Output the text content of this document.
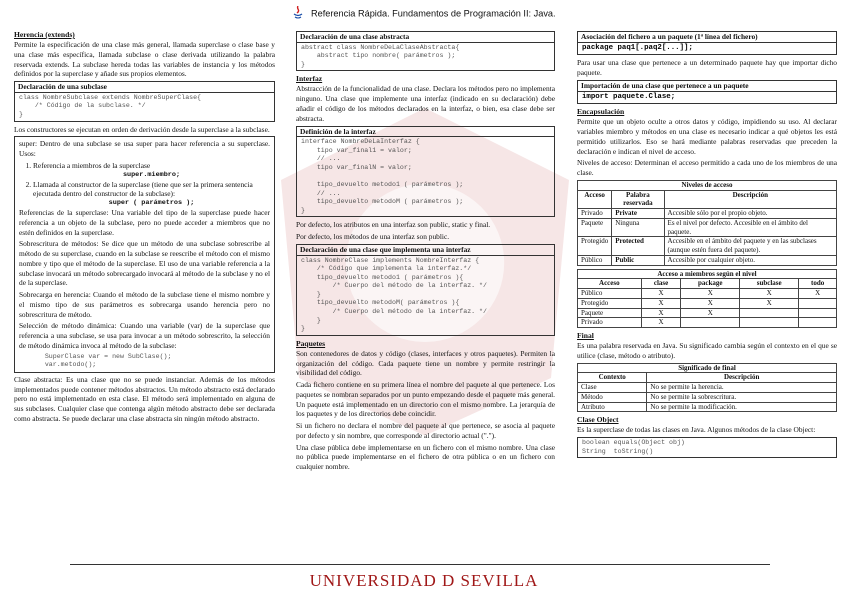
Referencia Rápida. Fundamentos de Programación II: Java.
Herencia (extends)

Permite la especificación de una clase más general, llamada superclase o clase base y una clase más específica, llamada subclase o clase derivada utilizando la palabra reservada extends. La subclase hereda todas las variables de instancia y los métodos definidos por la superclase y añade sus propios elementos.

Declaración de una subclase
class NombreSubclase extends NombreSuperClase{
/* Código de la subclase. */
}

Los constructores se ejecutan en orden de derivación desde la superclase a la subclase.

super: Dentro de una subclase se usa super para hacer referencia a su superclase. Usos:

1. Referencia a miembros de la superclase
super.miembro;
2. Llamada al constructor de la superclase (tiene que ser la primera sentencia ejecutada dentro del constructor de la subclase):
super ( parámetros );

Referencias de la superclase: Una variable del tipo de la superclase puede hacer referencia a un objeto de la subclase, pero no puede acceder a miembros que no estén definidos en la superclase.

Sobrescritura de métodos: Se dice que un método de una subclase sobrescribe al método de su superclase, cuando en la subclase se reescribe el método con el mismo nombre y tipo que el método de la superclase. El uso de una variable referencia a la subclase invocará un método sobrecargado invocará al método de la subclase y no el de la superclase.

Sobrecarga en herencia: Cuando el método de la subclase tiene el mismo nombre y el mismo tipo de sus parámetros es sobrecarga usando herencia pero no sobrescritura de método.

Selección de método dinámica: Cuando una variable (var) de la superclase que referencia a una subclase, se usa para invocar a un método sobrescrito, la selección de método dinámica invoca al método de la subclase:

SuperClase var = new SubClase();
var.metodo();

Clase abstracta: Es una clase que no se puede instanciar. Además de los métodos implementados puede contener métodos abstractos. Un método abstracto está declarado pero no está implementado en esta clase. El método será implementado en alguna de sus subclases. Cualquier clase que contenga algún método abstracto debe ser declarada como abstracta. Se puede declarar una clase abstracta sin ningún método abstracto.

Declaración de una clase abstracta
abstract class NombreDeLaClaseAbstracta{
abstract tipo nombre( parámetros );
}
Interfaz

Abstracción de la funcionalidad de una clase. Declara los métodos pero no implementa ninguno. Una clase que implemente una interfaz (indicado en su declaración) debe añadir el código de los métodos declarados en la interfaz, o bien, esa clase debe ser abstracta.

Definición de la interfaz
interface NombreDeLaInterfaz {
tipo var_final1 = valor;
// ...
tipo var_finalN = valor;

tipo_devuelto metodo1 ( parámetros );
// ...
tipo_devuelto metodoM ( parámetros );
}

Por defecto, los atributos en una interfaz son public, static y final.

Por defecto, los métodos de una interfaz son public.

Declaración de una clase que implementa una interfaz
class NombreClase implements NombreInterfaz {
/* Código que implementa la interfaz.*/
tipo_devuelto metodo1 ( parámetros ){
/* Cuerpo del método de la interfaz. */
}
tipo_devuelto metodoM( parámetros ){
/* Cuerpo del método de la interfaz. */
}
}
Paquetes

Son contenedores de datos y código (clases, interfaces y otros paquetes). Permiten la organización del código. Cada paquete tiene un nombre y permite restringir la visibilidad del código.

Cada fichero contiene en su primera línea el nombre del paquete al que pertenece. Los paquetes se nombran separados por un punto empezando desde el paquete más general. Un paquete está implementado en un directorio con el mismo nombre. La jerarquía de los paquetes y de los directorios debe coincidir.

Si un fichero no declara el nombre del paquete al que pertenece, se asocia al paquete por defecto y sin nombre, que corresponde al directorio actual (".").

Una clase pública debe implementarse en un fichero con el mismo nombre. Una clase no pública puede implementarse en el fichero de otra pública o en un fichero con cualquier nombre.

Asociación del fichero a un paquete (1ª línea del fichero)
package paq1[.paq2[...]];

Para usar una clase que pertenece a un determinado paquete hay que importar dicho paquete.

Importación de una clase que pertenece a un paquete
import paquete.Clase;
Encapsulación

Permite que un objeto oculte a otros datos y código, impidiendo su uso. Al declarar variables miembro y métodos en una clase es necesario indicar a qué objetos les está permitido utilizarlos. Eso se hará mediante palabras reservadas que preceden la declaración e indican el nivel de acceso.

Niveles de acceso: Determinan el acceso permitido a cada uno de los miembros de una clase.

Niveles de acceso		
Acceso	Palabra reservada	Descripción
Privado	Private	Accesible sólo por el propio objeto.
Paquete	Ninguna	Es el nivel por defecto. Accesible en el ámbito del paquete.
Protegido	Protected	Accesible en el ámbito del paquete y en las subclases (aunque estén fuera del paquete).
Público	Public	Accesible por cualquier objeto.
Acceso a miembros según el nivel				
Acceso	clase	package	subclase	todo
Público	X	X	X	X
Protegido	X	X	X	
Paquete	X	X		
Privado	X			
Final

Es una palabra reservada en Java. Su significado cambia según el contexto en el que se utilice (clase, método o atributo).

Significado de final	
Contexto	Descripción
Clase	No se permite la herencia.
Método	No se permite la sobrescritura.
Atributo	No se permite la modificación.
Clase Object

Es la superclase de todas las clases en Java. Algunos métodos de la clase Object:

boolean equals(Object obj)
String  toString()
UNIVERSIDAD D SEVILLA
